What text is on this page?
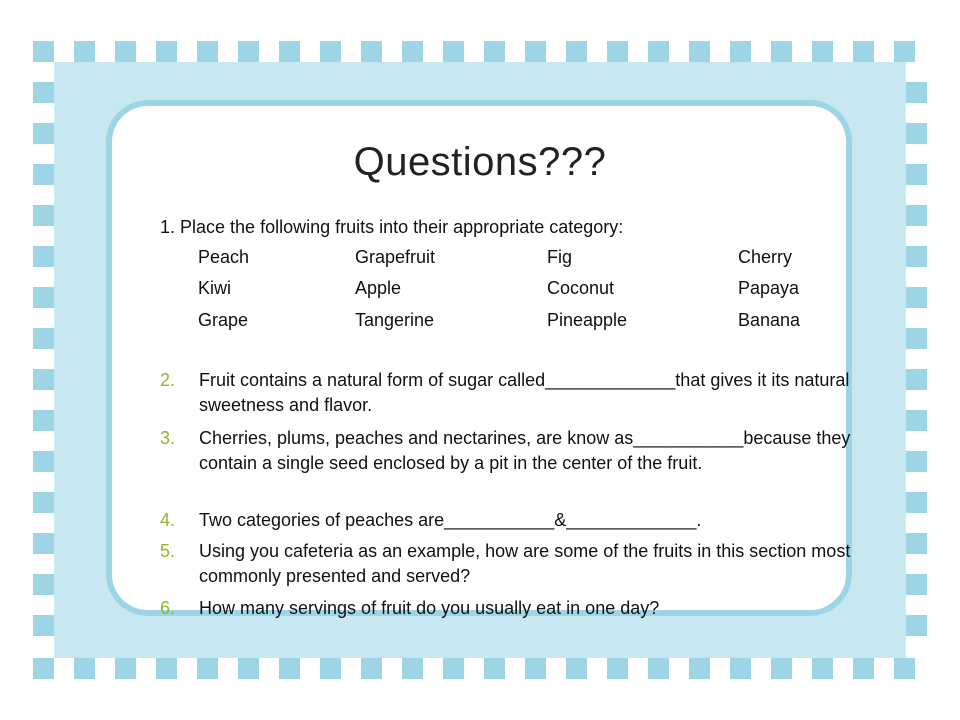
Questions???
1. Place the following fruits into their appropriate category:
Peach	Grapefruit	Fig	Cherry
Kiwi	Apple	Coconut	Papaya
Grape	Tangerine	Pineapple	Banana
2. Fruit contains a natural form of sugar called_____________that gives it its natural sweetness and flavor.
3. Cherries, plums, peaches and nectarines, are know as___________because they contain a single seed enclosed by a pit in the center of the fruit.
4. Two categories of peaches are___________&_____________.
5. Using you cafeteria as an example, how are some of the fruits in this section most commonly presented and served?
6. How many servings of fruit do you usually eat in one day?
